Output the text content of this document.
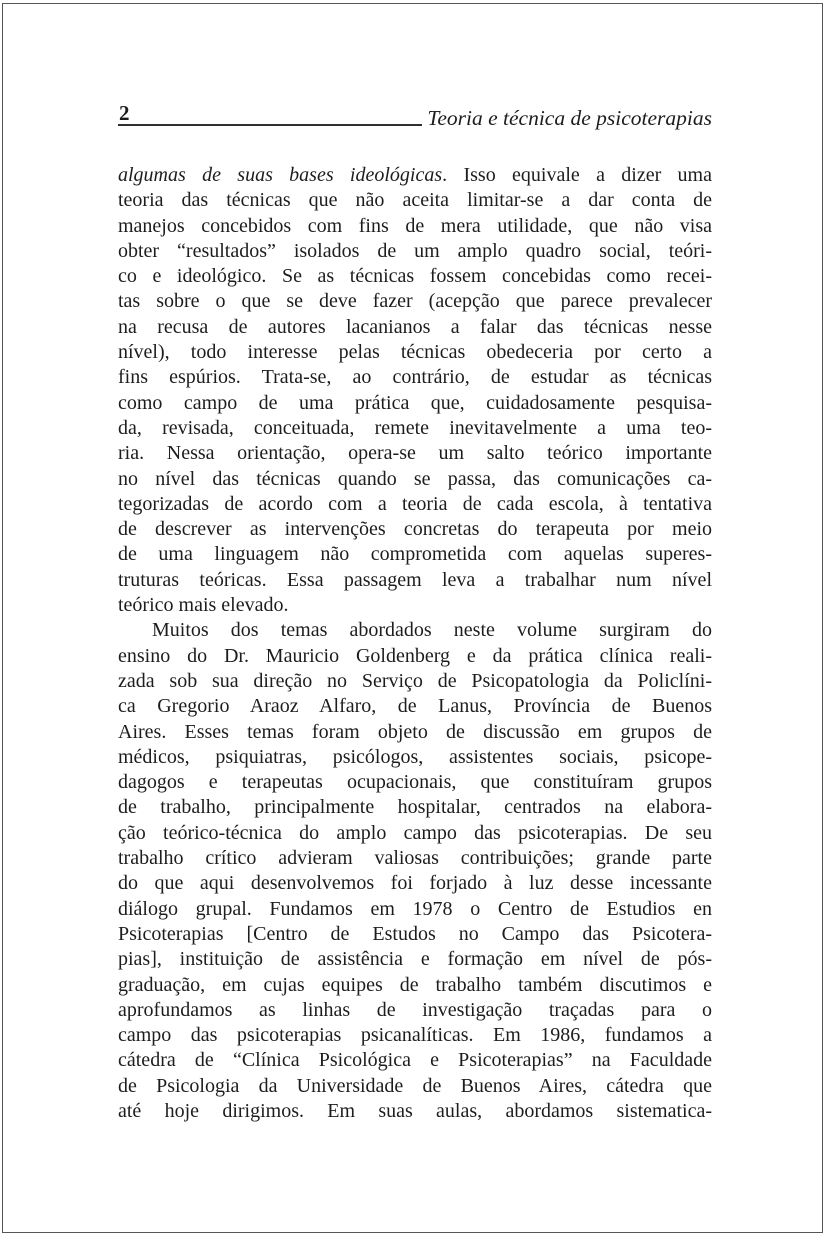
2	Teoria e técnica de psicoterapias
algumas de suas bases ideológicas. Isso equivale a dizer uma
teoria das técnicas que não aceita limitar-se a dar conta de
manejos concebidos com fins de mera utilidade, que não visa
obter “resultados” isolados de um amplo quadro social, teóri-
co e ideológico. Se as técnicas fossem concebidas como recei-
tas sobre o que se deve fazer (acepção que parece prevalecer
na recusa de autores lacanianos a falar das técnicas nesse
nível), todo interesse pelas técnicas obedeceria por certo a
fins espúrios. Trata-se, ao contrário, de estudar as técnicas
como campo de uma prática que, cuidadosamente pesquisa-
da, revisada, conceituada, remete inevitavelmente a uma teo-
ria. Nessa orientação, opera-se um salto teórico importante
no nível das técnicas quando se passa, das comunicações ca-
tegorizadas de acordo com a teoria de cada escola, à tentativa
de descrever as intervenções concretas do terapeuta por meio
de uma linguagem não comprometida com aquelas superes-
truturas teóricas. Essa passagem leva a trabalhar num nível
teórico mais elevado.
Muitos dos temas abordados neste volume surgiram do
ensino do Dr. Mauricio Goldenberg e da prática clínica reali-
zada sob sua direção no Serviço de Psicopatologia da Policlíni-
ca Gregorio Araoz Alfaro, de Lanus, Província de Buenos
Aires. Esses temas foram objeto de discussão em grupos de
médicos, psiquiatras, psicólogos, assistentes sociais, psicope-
dagogos e terapeutas ocupacionais, que constituíram grupos
de trabalho, principalmente hospitalar, centrados na elabora-
ção teórico-técnica do amplo campo das psicoterapias. De seu
trabalho crítico advieram valiosas contribuições; grande parte
do que aqui desenvolvemos foi forjado à luz desse incessante
diálogo grupal. Fundamos em 1978 o Centro de Estudios en
Psicoterapias [Centro de Estudos no Campo das Psicotera-
pias], instituição de assistência e formação em nível de pós-
graduação, em cujas equipes de trabalho também discutimos e
aprofundamos as linhas de investigação traçadas para o
campo das psicoterapias psicanalíticas. Em 1986, fundamos a
cátedra de “Clínica Psicológica e Psicoterapias” na Faculdade
de Psicologia da Universidade de Buenos Aires, cátedra que
até hoje dirigimos. Em suas aulas, abordamos sistematica-
